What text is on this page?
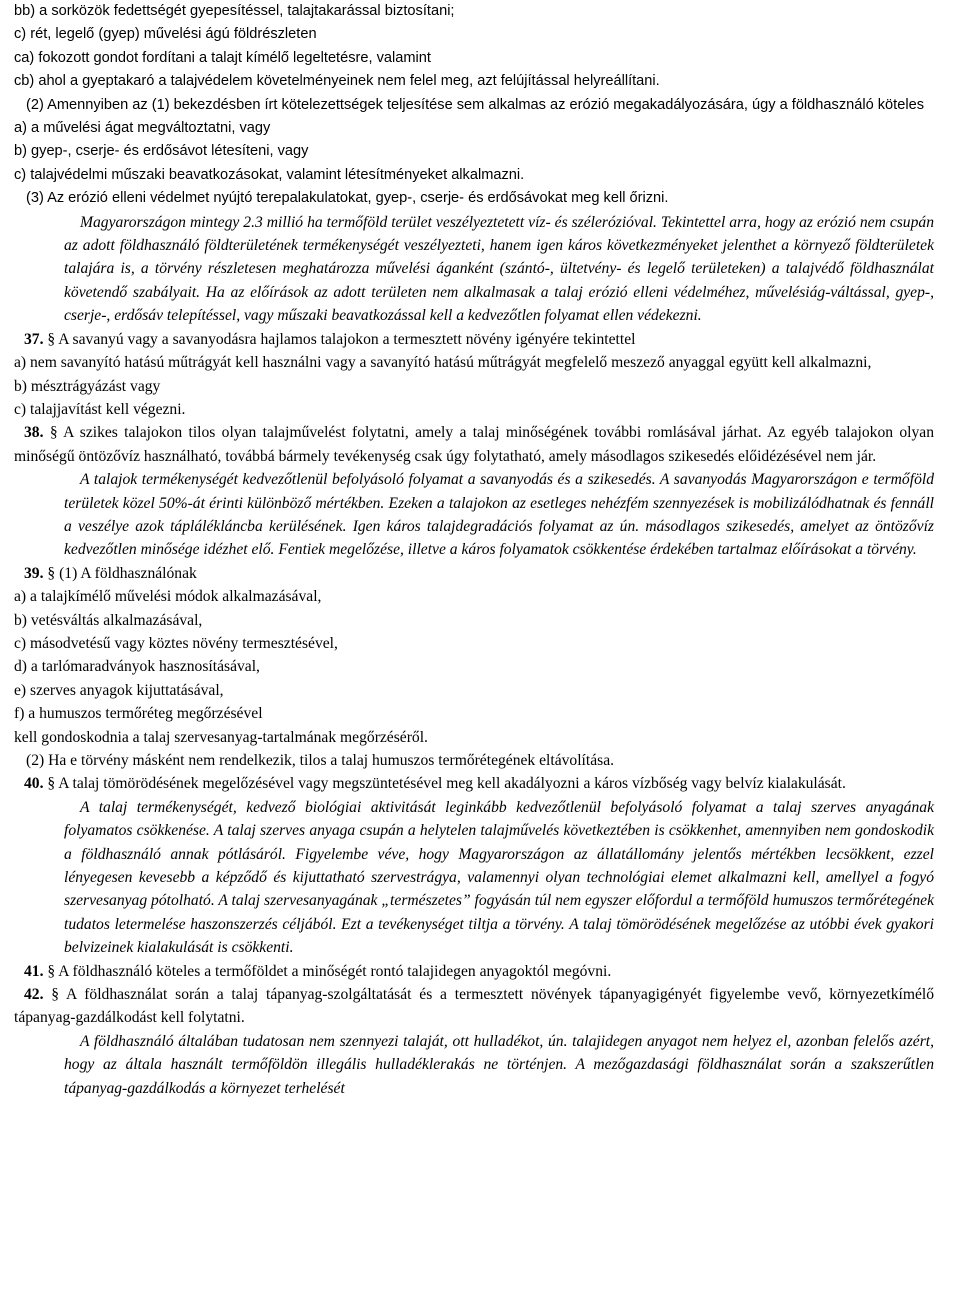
bb) a sorközök fedettségét gyepesítéssel, talajtakarással biztosítani;
c) rét, legelő (gyep) művelési ágú földrészleten
ca) fokozott gondot fordítani a talajt kímélő legeltetésre, valamint
cb) ahol a gyeptakaró a talajvédelem követelményeinek nem felel meg, azt felújítással helyreállítani.
(2) Amennyiben az (1) bekezdésben írt kötelezettségek teljesítése sem alkalmas az erózió megakadályozására, úgy a földhasználó köteles
a) a művelési ágat megváltoztatni, vagy
b) gyep-, cserje- és erdősávot létesíteni, vagy
c) talajvédelmi műszaki beavatkozásokat, valamint létesítményeket alkalmazni.
(3) Az erózió elleni védelmet nyújtó terepalakulatokat, gyep-, cserje- és erdősávokat meg kell őrizni.
Magyarországon mintegy 2.3 millió ha termőföld terület veszélyeztetett víz- és szélerózióval. Tekintettel arra, hogy az erózió nem csupán az adott földhasználó földterületének termékenységét veszélyezteti, hanem igen káros következményeket jelenthet a környező földterületek talajára is, a törvény részletesen meghatározza művelési áganként (szántó-, ültetvény- és legelő területeken) a talajvédő földhasználat követendő szabályait. Ha az előírások az adott területen nem alkalmasak a talaj erózió elleni védelméhez, művelésiág-váltással, gyep-, cserje-, erdősáv telepítéssel, vagy műszaki beavatkozással kell a kedvezőtlen folyamat ellen védekezni.
37. § A savanyú vagy a savanyodásra hajlamos talajokon a termesztett növény igényére tekintettel
a) nem savanyító hatású műtrágyát kell használni vagy a savanyító hatású műtrágyát megfelelő meszező anyaggal együtt kell alkalmazni,
b) mésztrágyázást vagy
c) talajjavítást kell végezni.
38. § A szikes talajokon tilos olyan talajművelést folytatni, amely a talaj minőségének további romlásával járhat. Az egyéb talajokon olyan minőségű öntözővíz használható, továbbá bármely tevékenység csak úgy folytatható, amely másodlagos szikesedés előidézésével nem jár.
A talajok termékenységét kedvezőtlenül befolyásoló folyamat a savanyodás és a szikesedés. A savanyodás Magyarországon e termőföld területek közel 50%-át érinti különböző mértékben. Ezeken a talajokon az esetleges nehézfém szennyezések is mobilizálódhatnak és fennáll a veszélye azok táplálékláncba kerülésének. Igen káros talajdegradációs folyamat az ún. másodlagos szikesedés, amelyet az öntözővíz kedvezőtlen minősége idézhet elő. Fentiek megelőzése, illetve a káros folyamatok csökkentése érdekében tartalmaz előírásokat a törvény.
39. § (1) A földhasználónak
a) a talajkímélő művelési módok alkalmazásával,
b) vetésváltás alkalmazásával,
c) másodvetésű vagy köztes növény termesztésével,
d) a tarlómaradványok hasznosításával,
e) szerves anyagok kijuttatásával,
f) a humuszos termőréteg megőrzésével
kell gondoskodnia a talaj szervesanyag-tartalmának megőrzéséről.
(2) Ha e törvény másként nem rendelkezik, tilos a talaj humuszos termőrétegének eltávolítása.
40. § A talaj tömörödésének megelőzésével vagy megszüntetésével meg kell akadályozni a káros vízbőség vagy belvíz kialakulását.
A talaj termékenységét, kedvező biológiai aktivitását leginkább kedvezőtlenül befolyásoló folyamat a talaj szerves anyagának folyamatos csökkenése. A talaj szerves anyaga csupán a helytelen talajművelés következtében is csökkenhet, amennyiben nem gondoskodik a földhasználó annak pótlásáról. Figyelembe véve, hogy Magyarországon az állatállomány jelentős mértékben lecsökkent, ezzel lényegesen kevesebb a képződő és kijuttatható szervestrágya, valamennyi olyan technológiai elemet alkalmazni kell, amellyel a fogyó szervesanyag pótolható. A talaj szervesanyagának „természetes” fogyásán túl nem egyszer előfordul a termőföld humuszos termőrétegének tudatos letermelése haszonszerzés céljából. Ezt a tevékenységet tiltja a törvény. A talaj tömörödésének megelőzése az utóbbi évek gyakori belvizeinek kialakulását is csökkenti.
41. § A földhasználó köteles a termőföldet a minőségét rontó talajidegen anyagoktól megóvni.
42. § A földhasználat során a talaj tápanyag-szolgáltatását és a termesztett növények tápanyagigényét figyelembe vevő, környezetkímélő tápanyag-gazdálkodást kell folytatni.
A földhasználó általában tudatosan nem szennyezi talaját, ott hulladékot, ún. talajidegen anyagot nem helyez el, azonban felelős azért, hogy az általa használt termőföldön illegális hulladéklerakás ne történjen. A mezőgazdasági földhasználat során a szakszerűtlen tápanyag-gazdálkodás a környezet terhelését
